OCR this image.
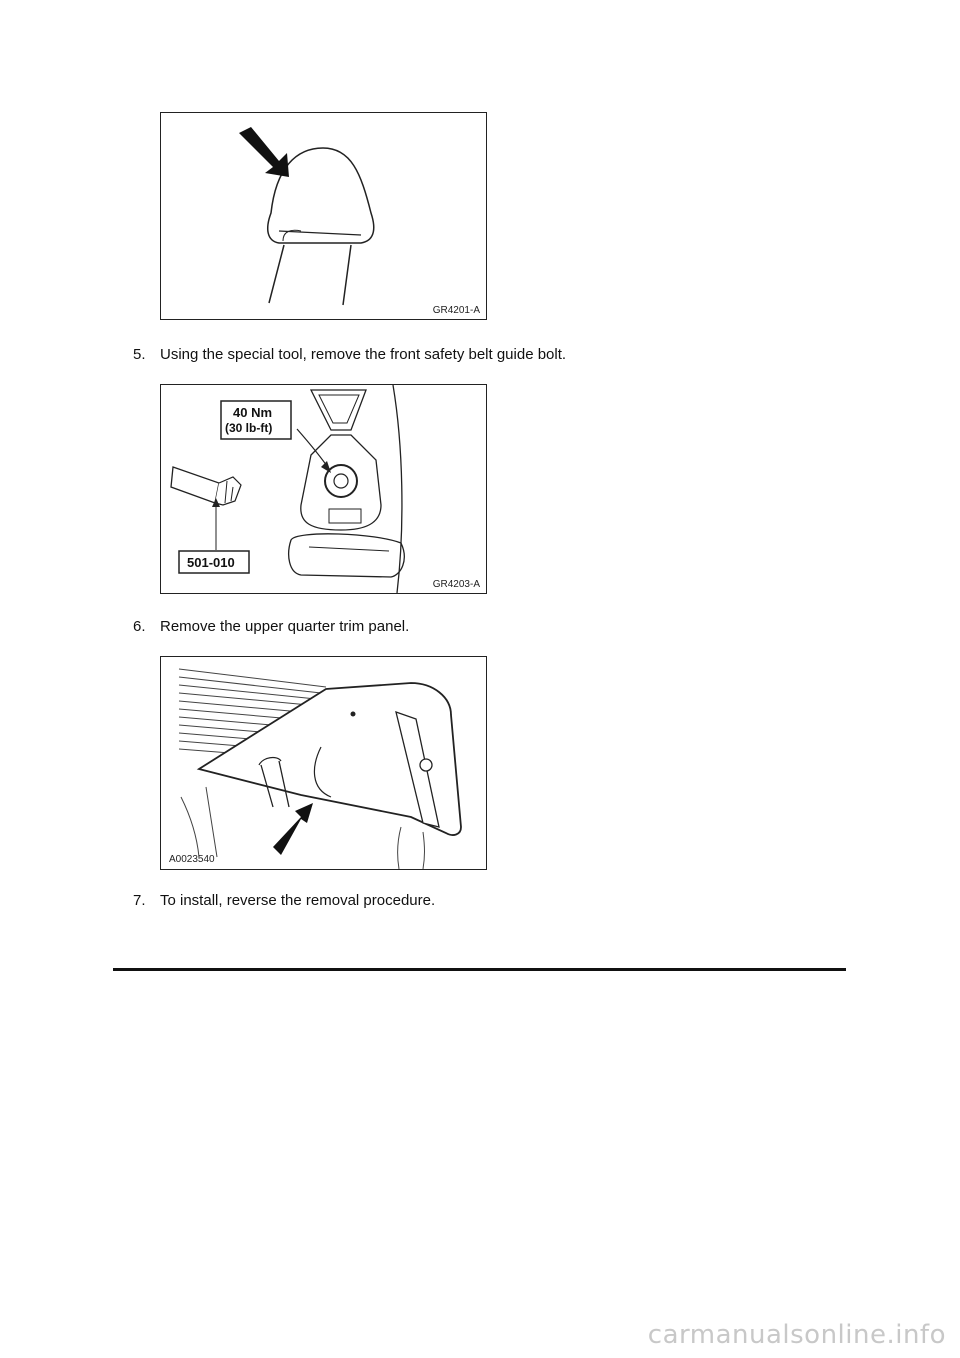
GR4201-A
5. Using the special tool, remove the front safety belt guide bolt.
40 Nm
(30 lb-ft)
501-010
GR4203-A
6. Remove the upper quarter trim panel.
A0023540
7. To install, reverse the removal procedure.
carmanualsonline.info
